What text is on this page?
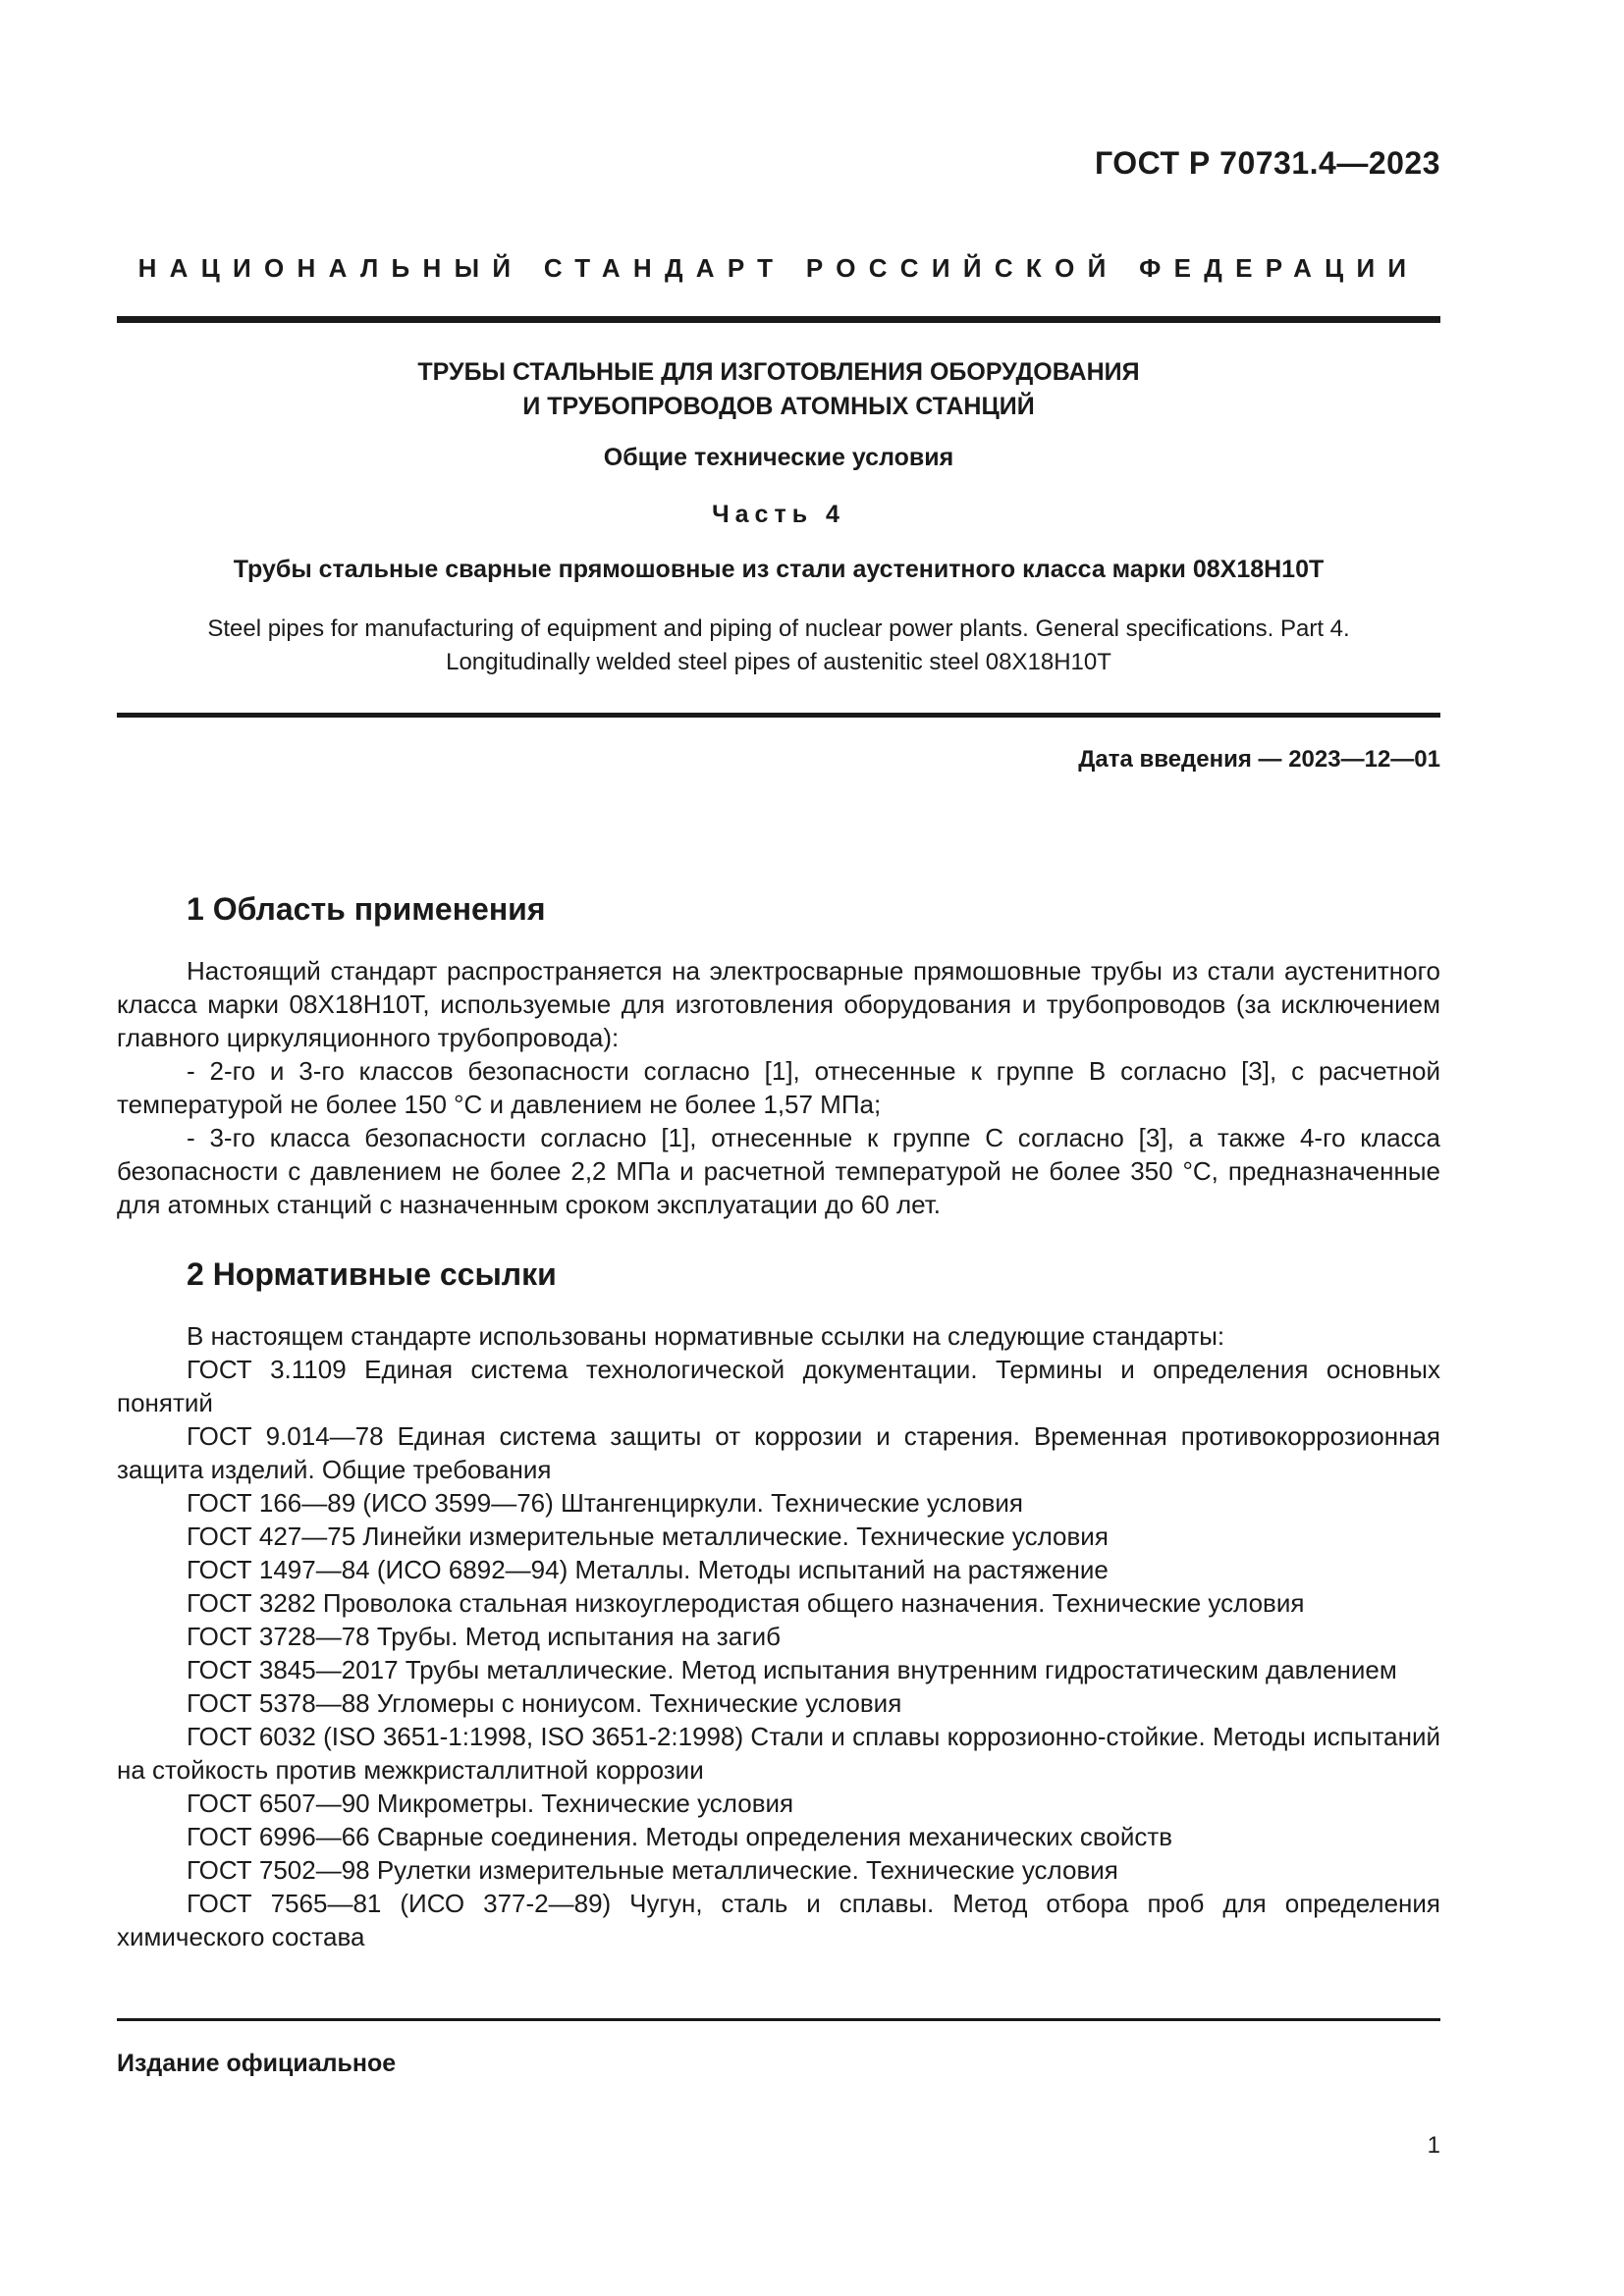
ГОСТ Р 70731.4—2023
НАЦИОНАЛЬНЫЙ СТАНДАРТ РОССИЙСКОЙ ФЕДЕРАЦИИ
ТРУБЫ СТАЛЬНЫЕ ДЛЯ ИЗГОТОВЛЕНИЯ ОБОРУДОВАНИЯ
И ТРУБОПРОВОДОВ АТОМНЫХ СТАНЦИЙ
Общие технические условия
Часть 4
Трубы стальные сварные прямошовные из стали аустенитного класса марки 08Х18Н10Т
Steel pipes for manufacturing of equipment and piping of nuclear power plants. General specifications. Part 4.
Longitudinally welded steel pipes of austenitic steel 08X18H10T
Дата введения — 2023—12—01
1 Область применения

Настоящий стандарт распространяется на электросварные прямошовные трубы из стали аустенитного класса марки 08Х18Н10Т, используемые для изготовления оборудования и трубопроводов (за исключением главного циркуляционного трубопровода):

- 2-го и 3-го классов безопасности согласно [1], отнесенные к группе В согласно [3], с расчетной температурой не более 150 °С и давлением не более 1,57 МПа;

- 3-го класса безопасности согласно [1], отнесенные к группе С согласно [3], а также 4-го класса безопасности с давлением не более 2,2 МПа и расчетной температурой не более 350 °С, предназначенные для атомных станций с назначенным сроком эксплуатации до 60 лет.

2 Нормативные ссылки

В настоящем стандарте использованы нормативные ссылки на следующие стандарты:

ГОСТ 3.1109 Единая система технологической документации. Термины и определения основных понятий

ГОСТ 9.014—78 Единая система защиты от коррозии и старения. Временная противокоррозионная защита изделий. Общие требования

ГОСТ 166—89 (ИСО 3599—76) Штангенциркули. Технические условия

ГОСТ 427—75 Линейки измерительные металлические. Технические условия

ГОСТ 1497—84 (ИСО 6892—94) Металлы. Методы испытаний на растяжение

ГОСТ 3282 Проволока стальная низкоуглеродистая общего назначения. Технические условия

ГОСТ 3728—78 Трубы. Метод испытания на загиб

ГОСТ 3845—2017 Трубы металлические. Метод испытания внутренним гидростатическим давлением

ГОСТ 5378—88 Угломеры с нониусом. Технические условия

ГОСТ 6032 (ISO 3651-1:1998, ISO 3651-2:1998) Стали и сплавы коррозионно-стойкие. Методы испытаний на стойкость против межкристаллитной коррозии

ГОСТ 6507—90 Микрометры. Технические условия

ГОСТ 6996—66 Сварные соединения. Методы определения механических свойств

ГОСТ 7502—98 Рулетки измерительные металлические. Технические условия

ГОСТ 7565—81 (ИСО 377-2—89) Чугун, сталь и сплавы. Метод отбора проб для определения химического состава

Издание официальное
1
